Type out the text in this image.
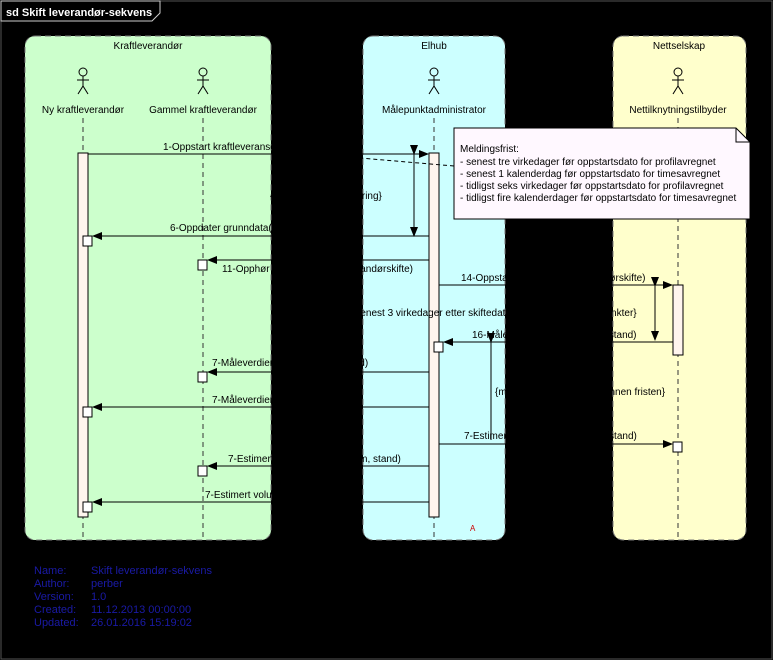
sd Skift leverandør-sekvens
Kraftleverandør	Elhub	Nettselskap
Ny kraftleverandør Gammel kraftleverandør	Målepunktadministrator	Nettilknytningstilbyder
Meldingsfrist:
- senest tre virkedager før oppstartsdato for profilavregnet
- senest 1 kalenderdag før oppstartsdato for timesavregnet
- tidligst seks virkedager før oppstartsdato for profilavregnet
- tidligst fire kalenderdager før oppstartsdato for timesavregnet
{Tidsfrist for kansellering}
{senest 3 virkedager etter skiftedato for profilavregnede punkter}
{måleverdier ikke mottatt innen fristen}
1-Oppstart kraftleveranse(leverandørskifte)
6-Oppdater grunndata(leverandørskifte)
11-Opphør kraftleveranse(leverandørskifte)
14-Oppstart i målepunkt(leverandørskifte)
16-Måleverdier(Periodevolum, stand)
7-Måleverdier(Periodevolum,stand)
7-Måleverdier(Stand)
7-Estimert volum(Periodevolum, stand)
7-Estimert volum(Periodevolum, stand)
7-Estimert volum(Stand)
A
Name: Skift leverandør-sekvens
Author: perber
Version: 1.0
Created: 11.12.2013 00:00:00
Updated: 26.01.2016 15:19:02
